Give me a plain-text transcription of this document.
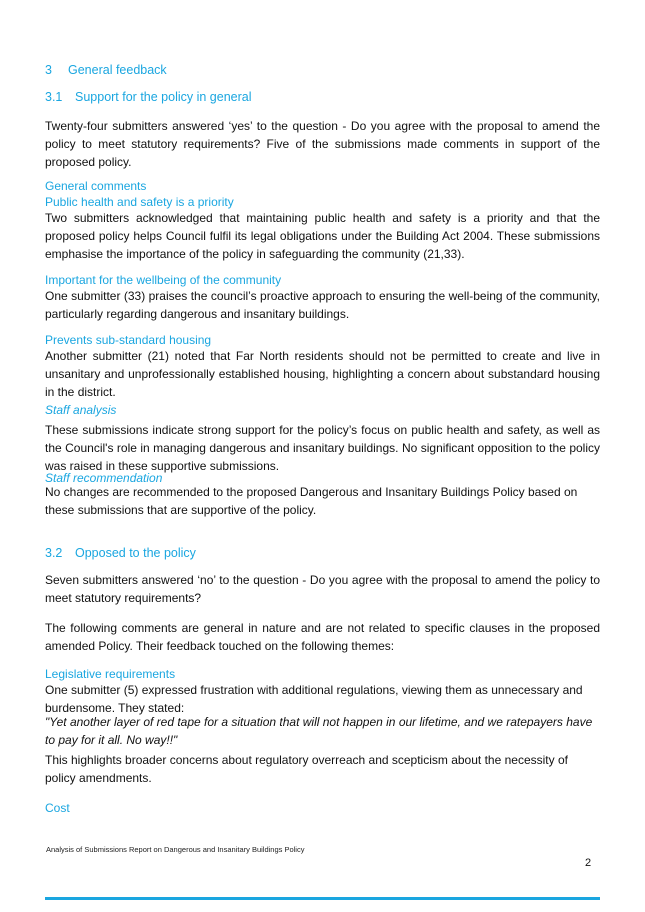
3 General feedback
3.1 Support for the policy in general

Twenty-four submitters answered ‘yes’ to the question - Do you agree with the proposal to amend the policy to meet statutory requirements? Five of the submissions made comments in support of the proposed policy.

General comments
Public health and safety is a priority

Two submitters acknowledged that maintaining public health and safety is a priority and that the proposed policy helps Council fulfil its legal obligations under the Building Act 2004. These submissions emphasise the importance of the policy in safeguarding the community (21,33).

Important for the wellbeing of the community

One submitter (33) praises the council’s proactive approach to ensuring the well-being of the community, particularly regarding dangerous and insanitary buildings.

Prevents sub-standard housing

Another submitter (21) noted that Far North residents should not be permitted to create and live in unsanitary and unprofessionally established housing, highlighting a concern about substandard housing in the district.

Staff analysis

These submissions indicate strong support for the policy’s focus on public health and safety, as well as the Council's role in managing dangerous and insanitary buildings. No significant opposition to the policy was raised in these supportive submissions.

Staff recommendation

No changes are recommended to the proposed Dangerous and Insanitary Buildings Policy based on these submissions that are supportive of the policy.

3.2 Opposed to the policy

Seven submitters answered ‘no’ to the question - Do you agree with the proposal to amend the policy to meet statutory requirements?

The following comments are general in nature and are not related to specific clauses in the proposed amended Policy. Their feedback touched on the following themes:

Legislative requirements

One submitter (5) expressed frustration with additional regulations, viewing them as unnecessary and burdensome. They stated:

"Yet another layer of red tape for a situation that will not happen in our lifetime, and we ratepayers have to pay for it all. No way!!"

This highlights broader concerns about regulatory overreach and scepticism about the necessity of policy amendments.

Cost
Analysis of Submissions Report on Dangerous and Insanitary Buildings Policy
2
